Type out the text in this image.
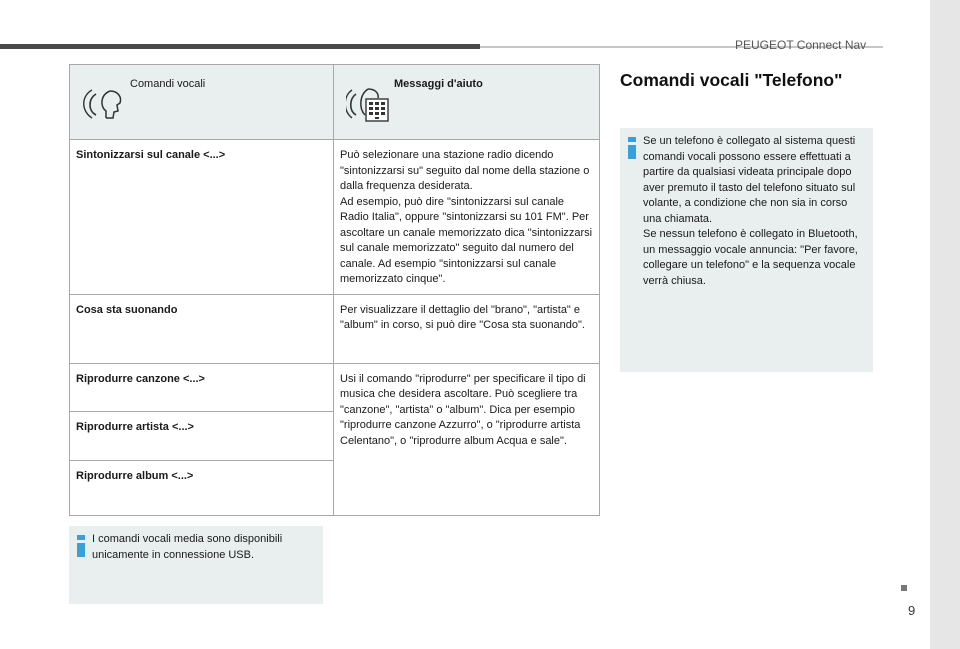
PEUGEOT Connect Nav
Comandi vocali	Messaggi d'aiuto

Sintonizzarsi sul canale <...>	Può selezionare una stazione radio dicendo "sintonizzarsi su" seguito dal nome della stazione o dalla frequenza desiderata.
Ad esempio, può dire "sintonizzarsi sul canale Radio Italia", oppure "sintonizzarsi su 101 FM". Per ascoltare un canale memorizzato dica "sintonizzarsi sul canale memorizzato" seguito dal numero del canale. Ad esempio "sintonizzarsi sul canale memorizzato cinque".

Cosa sta suonando	Per visualizzare il dettaglio del "brano", "artista" e "album" in corso, si può dire "Cosa sta suonando".

Riprodurre canzone <...>	Usi il comando "riprodurre" per specificare il tipo di musica che desidera ascoltare. Può scegliere tra "canzone", "artista" o "album". Dica per esempio "riprodurre canzone Azzurro", o "riprodurre artista Celentano", o "riprodurre album Acqua e sale".

Riprodurre artista <...>	
Riprodurre album <...>	
I comandi vocali media sono disponibili unicamente in connessione USB.
Comandi vocali "Telefono"
Se un telefono è collegato al sistema questi comandi vocali possono essere effettuati a partire da qualsiasi videata principale dopo aver premuto il tasto del telefono situato sul volante, a condizione che non sia in corso una chiamata.
Se nessun telefono è collegato in Bluetooth, un messaggio vocale annuncia: "Per favore, collegare un telefono" e la sequenza vocale verrà chiusa.
9
